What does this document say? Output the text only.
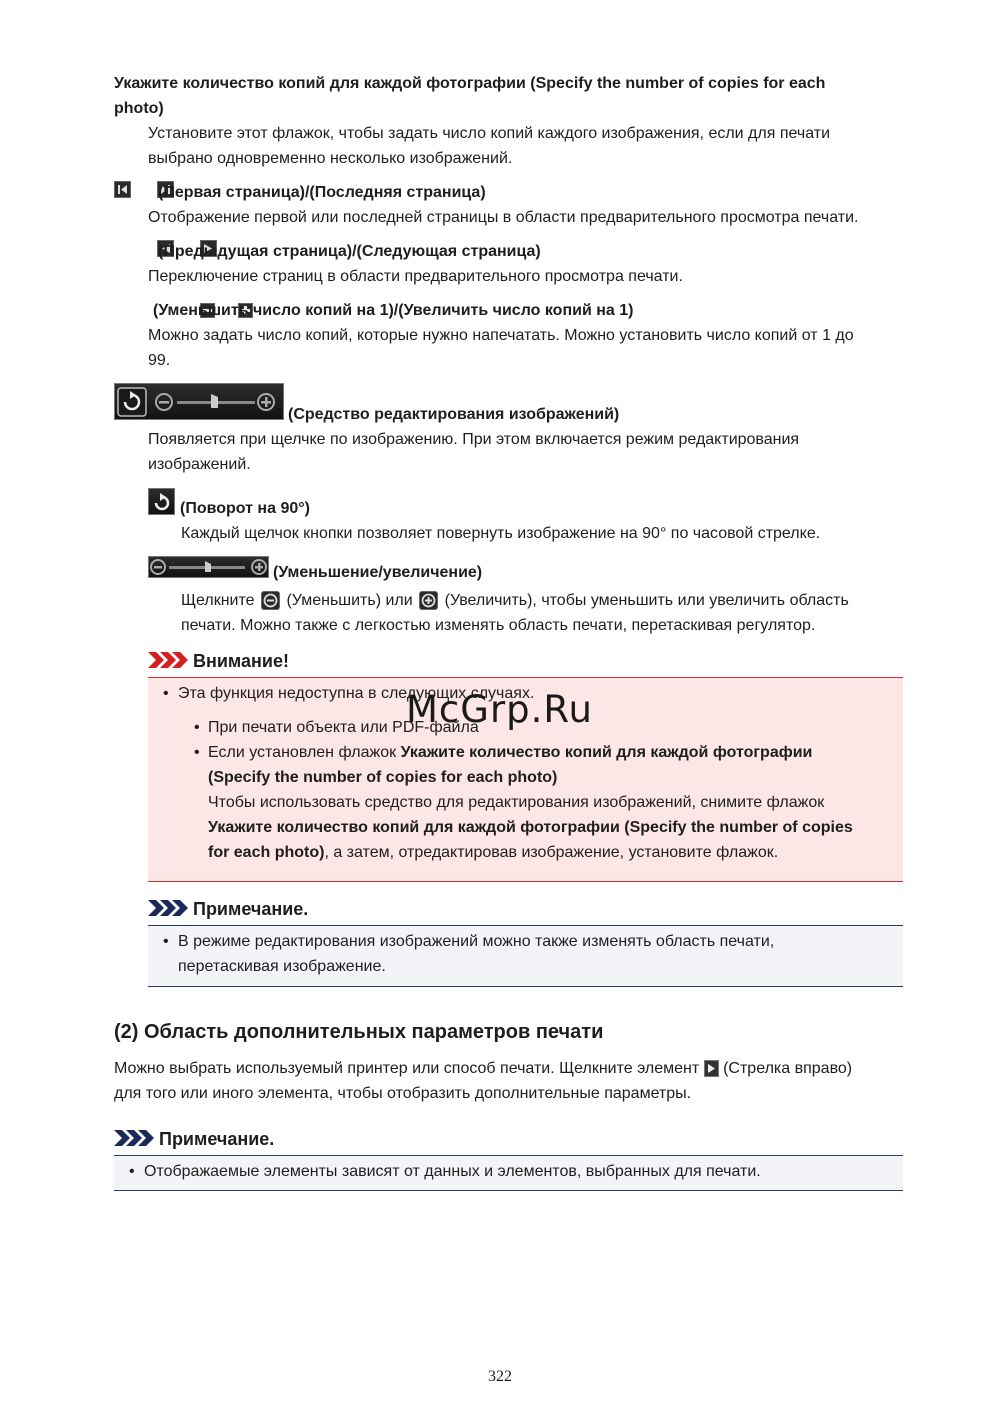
Укажите количество копий для каждой фотографии (Specify the number of copies for each
photo)
Установите этот флажок, чтобы задать число копий каждого изображения, если для печати
выбрано одновременно несколько изображений.

(Первая страница)/(Последняя страница)
Отображение первой или последней страницы в области предварительного просмотра печати.

(Предыдущая страница)/(Следующая страница)
Переключение страниц в области предварительного просмотра печати.

(Уменьшить число копий на 1)/(Увеличить число копий на 1)
Можно задать число копий, которые нужно напечатать. Можно установить число копий от 1 до
99.
(Средство редактирования изображений)
Появляется при щелчке по изображению. При этом включается режим редактирования
изображений.
(Поворот на 90°)
Каждый щелчок кнопки позволяет повернуть изображение на 90° по часовой стрелке.
(Уменьшение/увеличение)
Щелкните (Уменьшить) или (Увеличить), чтобы уменьшить или увеличить область
печати. Можно также с легкостью изменять область печати, перетаскивая регулятор.
Внимание!
• Эта функция недоступна в следующих случаях.
• При печати объекта или PDF-файла
• Если установлен флажок Укажите количество копий для каждой фотографии
(Specify the number of copies for each photo)
Чтобы использовать средство для редактирования изображений, снимите флажок
Укажите количество копий для каждой фотографии (Specify the number of copies
for each photo), а затем, отредактировав изображение, установите флажок.
McGrp.Ru
Примечание.
• В режиме редактирования изображений можно также изменять область печати,
перетаскивая изображение.
(2) Область дополнительных параметров печати
Можно выбрать используемый принтер или способ печати. Щелкните элемент (Стрелка вправо)
для того или иного элемента, чтобы отобразить дополнительные параметры.
Примечание.
• Отображаемые элементы зависят от данных и элементов, выбранных для печати.
322
